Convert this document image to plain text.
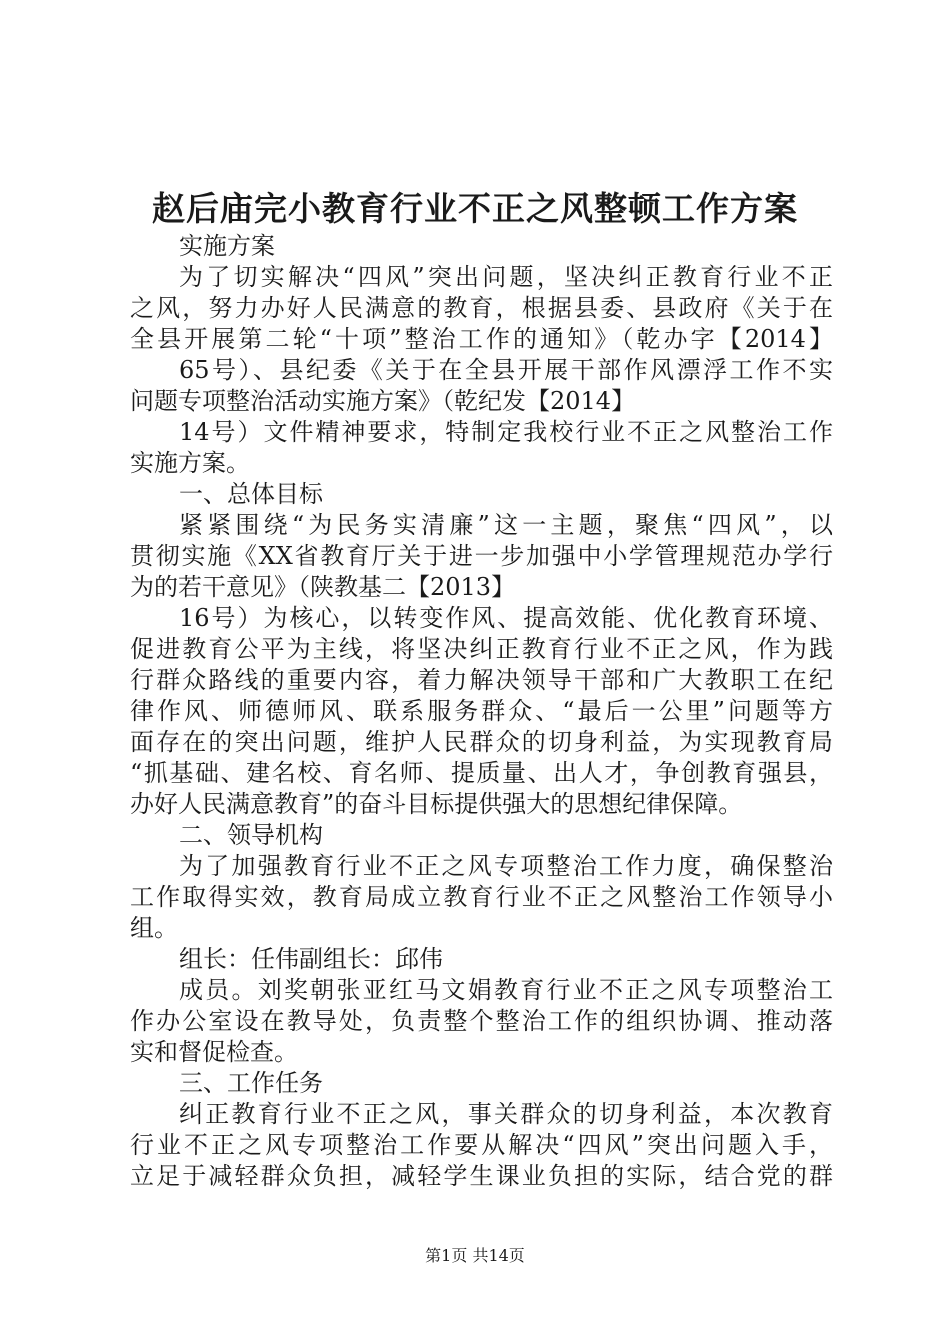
赵后庙完小教育行业不正之风整顿工作方案

实施方案

为了切实解决“四风”突出问题，坚决纠正教育行业不正

之风，努力办好人民满意的教育，根据县委、县政府《关于在

全县开展第二轮“十项”整治工作的通知》（乾办字【2014】

65号）、县纪委《关于在全县开展干部作风漂浮工作不实

问题专项整治活动实施方案》（乾纪发【2014】

14号）文件精神要求，特制定我校行业不正之风整治工作

实施方案。

一、总体目标

紧紧围绕“为民务实清廉”这一主题，聚焦“四风”，以

贯彻实施《XX省教育厅关于进一步加强中小学管理规范办学行

为的若干意见》（陕教基二【2013】

16号）为核心，以转变作风、提高效能、优化教育环境、

促进教育公平为主线，将坚决纠正教育行业不正之风，作为践

行群众路线的重要内容，着力解决领导干部和广大教职工在纪

律作风、师德师风、联系服务群众、“最后一公里”问题等方

面存在的突出问题，维护人民群众的切身利益，为实现教育局

“抓基础、建名校、育名师、提质量、出人才，争创教育强县，

办好人民满意教育”的奋斗目标提供强大的思想纪律保障。

二、领导机构

为了加强教育行业不正之风专项整治工作力度，确保整治

工作取得实效，教育局成立教育行业不正之风整治工作领导小

组。

组长：任伟副组长：邱伟

成员。刘奖朝张亚红马文娟教育行业不正之风专项整治工

作办公室设在教导处，负责整个整治工作的组织协调、推动落

实和督促检查。

三、工作任务

纠正教育行业不正之风，事关群众的切身利益，本次教育

行业不正之风专项整治工作要从解决“四风”突出问题入手，

立足于减轻群众负担，减轻学生课业负担的实际，结合党的群

第1页 共14页
